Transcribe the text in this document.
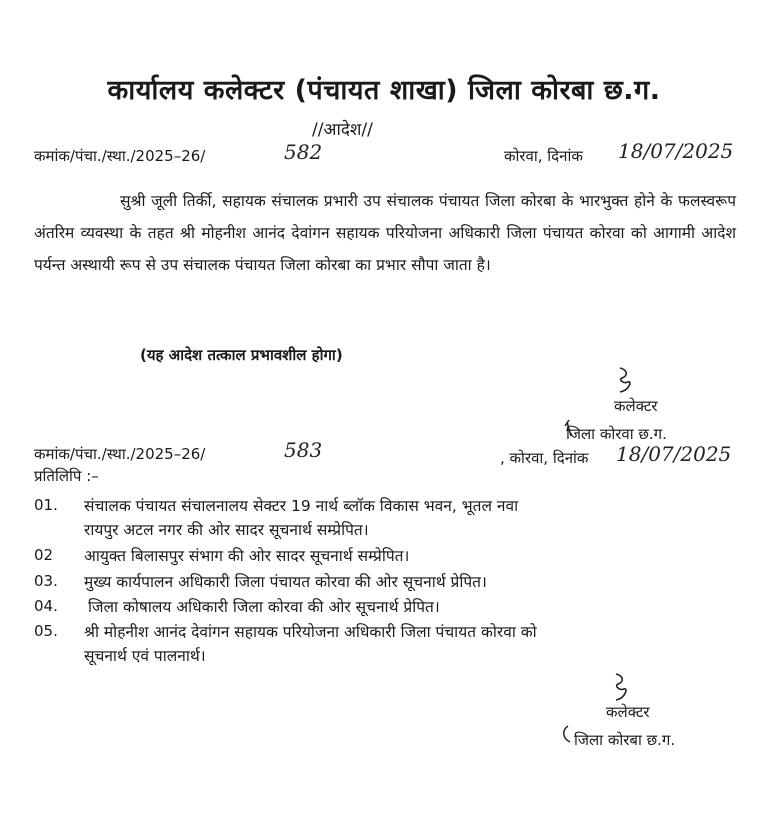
कार्यालय कलेक्टर (पंचायत शाखा) जिला कोरबा छ.ग.
//आदेश//
कमांक/पंचा./स्था./2025–26/	582	कोरवा, दिनांक 18/07/2025
सुश्री जूली तिर्की, सहायक संचालक प्रभारी उप संचालक पंचायत जिला कोरबा के भारभुक्त होने के फलस्वरूप अंतरिम व्यवस्था के तहत श्री मोहनीश आनंद देवांगन सहायक परियोजना अधिकारी जिला पंचायत कोरवा को आगामी आदेश पर्यन्त अस्थायी रूप से उप संचालक पंचायत जिला कोरबा का प्रभार सौपा जाता है।
(यह आदेश तत्काल प्रभावशील होगा)
कलेक्टर
जिला कोरवा छ.ग.
कमांक/पंचा./स्था./2025–26/	583	, कोरवा, दिनांक 18/07/2025
प्रतिलिपि :–
01. संचालक पंचायत संचालनालय सेक्टर 19 नार्थ ब्लॉक विकास भवन, भूतल नवा
रायपुर अटल नगर की ओर सादर सूचनार्थ सम्प्रेपित।
02 आयुक्त बिलासपुर संभाग की ओर सादर सूचनार्थ सम्प्रेपित।
03. मुख्य कार्यपालन अधिकारी जिला पंचायत कोरवा की ओर सूचनार्थ प्रेपित।
04. जिला कोषालय अधिकारी जिला कोरवा की ओर सूचनार्थ प्रेपित।
05. श्री मोहनीश आनंद देवांगन सहायक परियोजना अधिकारी जिला पंचायत कोरवा को
सूचनार्थ एवं पालनार्थ।
कलेक्टर
जिला कोरबा छ.ग.
